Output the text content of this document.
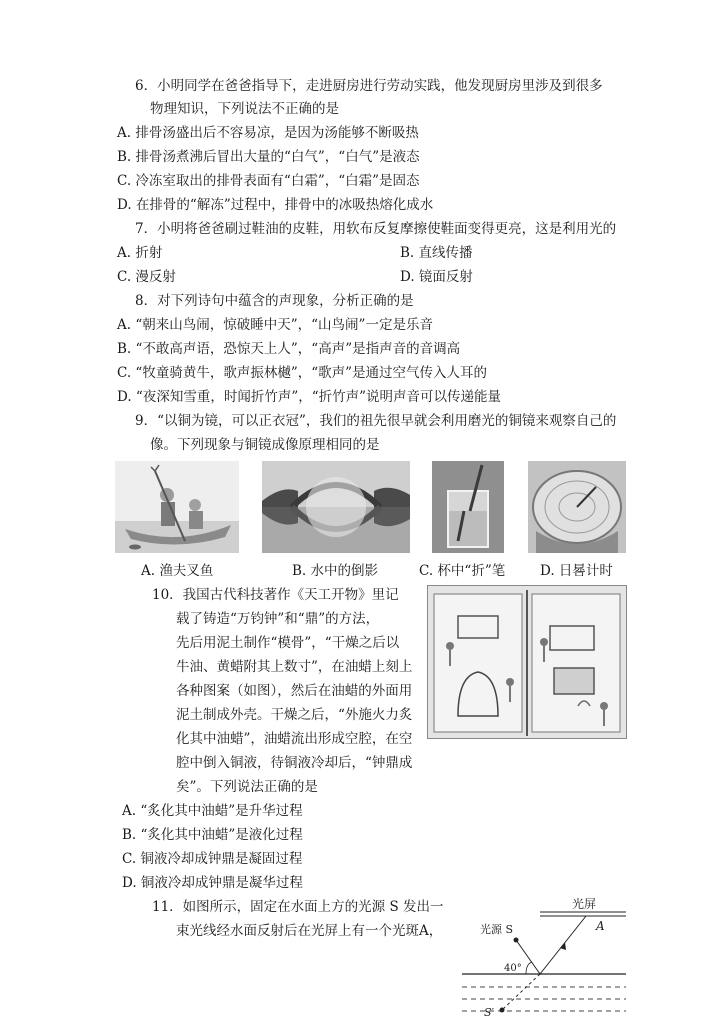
6．小明同学在爸爸指导下，走进厨房进行劳动实践，他发现厨房里涉及到很多
物理知识，下列说法不正确的是
A. 排骨汤盛出后不容易凉，是因为汤能够不断吸热
B. 排骨汤煮沸后冒出大量的“白气”，“白气”是液态
C. 冷冻室取出的排骨表面有“白霜”，“白霜”是固态
D. 在排骨的“解冻”过程中，排骨中的冰吸热熔化成水
7．小明将爸爸刷过鞋油的皮鞋，用软布反复摩擦使鞋面变得更亮，这是利用光的
A. 折射	B. 直线传播
C. 漫反射	D. 镜面反射
8．对下列诗句中蕴含的声现象，分析正确的是
A. “朝来山鸟闹，惊破睡中天”，“山鸟闹”一定是乐音
B. “不敢高声语，恐惊天上人”，“高声”是指声音的音调高
C. “牧童骑黄牛，歌声振林樾”，“歌声”是通过空气传入人耳的
D. “夜深知雪重，时闻折竹声”，“折竹声”说明声音可以传递能量
9．“以铜为镜，可以正衣冠”，我们的祖先很早就会利用磨光的铜镜来观察自己的
像。下列现象与铜镜成像原理相同的是
A. 渔夫叉鱼	B. 水中的倒影	C. 杯中“折”笔	D. 日晷计时
10．我国古代科技著作《天工开物》里记
载了铸造“万钧钟”和“鼎”的方法，
先后用泥土制作“模骨”，“干燥之后以
牛油、黄蜡附其上数寸”，在油蜡上刻上
各种图案（如图），然后在油蜡的外面用
泥土制成外壳。干燥之后，“外施火力炙
化其中油蜡”，油蜡流出形成空腔，在空
腔中倒入铜液，待铜液冷却后，“钟鼎成
矣”。下列说法正确的是
A. “炙化其中油蜡”是升华过程
B. “炙化其中油蜡”是液化过程
C. 铜液冷却成钟鼎是凝固过程
D. 铜液冷却成钟鼎是凝华过程
11．如图所示，固定在水面上方的光源 S 发出一
束光线经水面反射后在光屏上有一个光斑A，
光屏
光源 S	A
S′
40°
